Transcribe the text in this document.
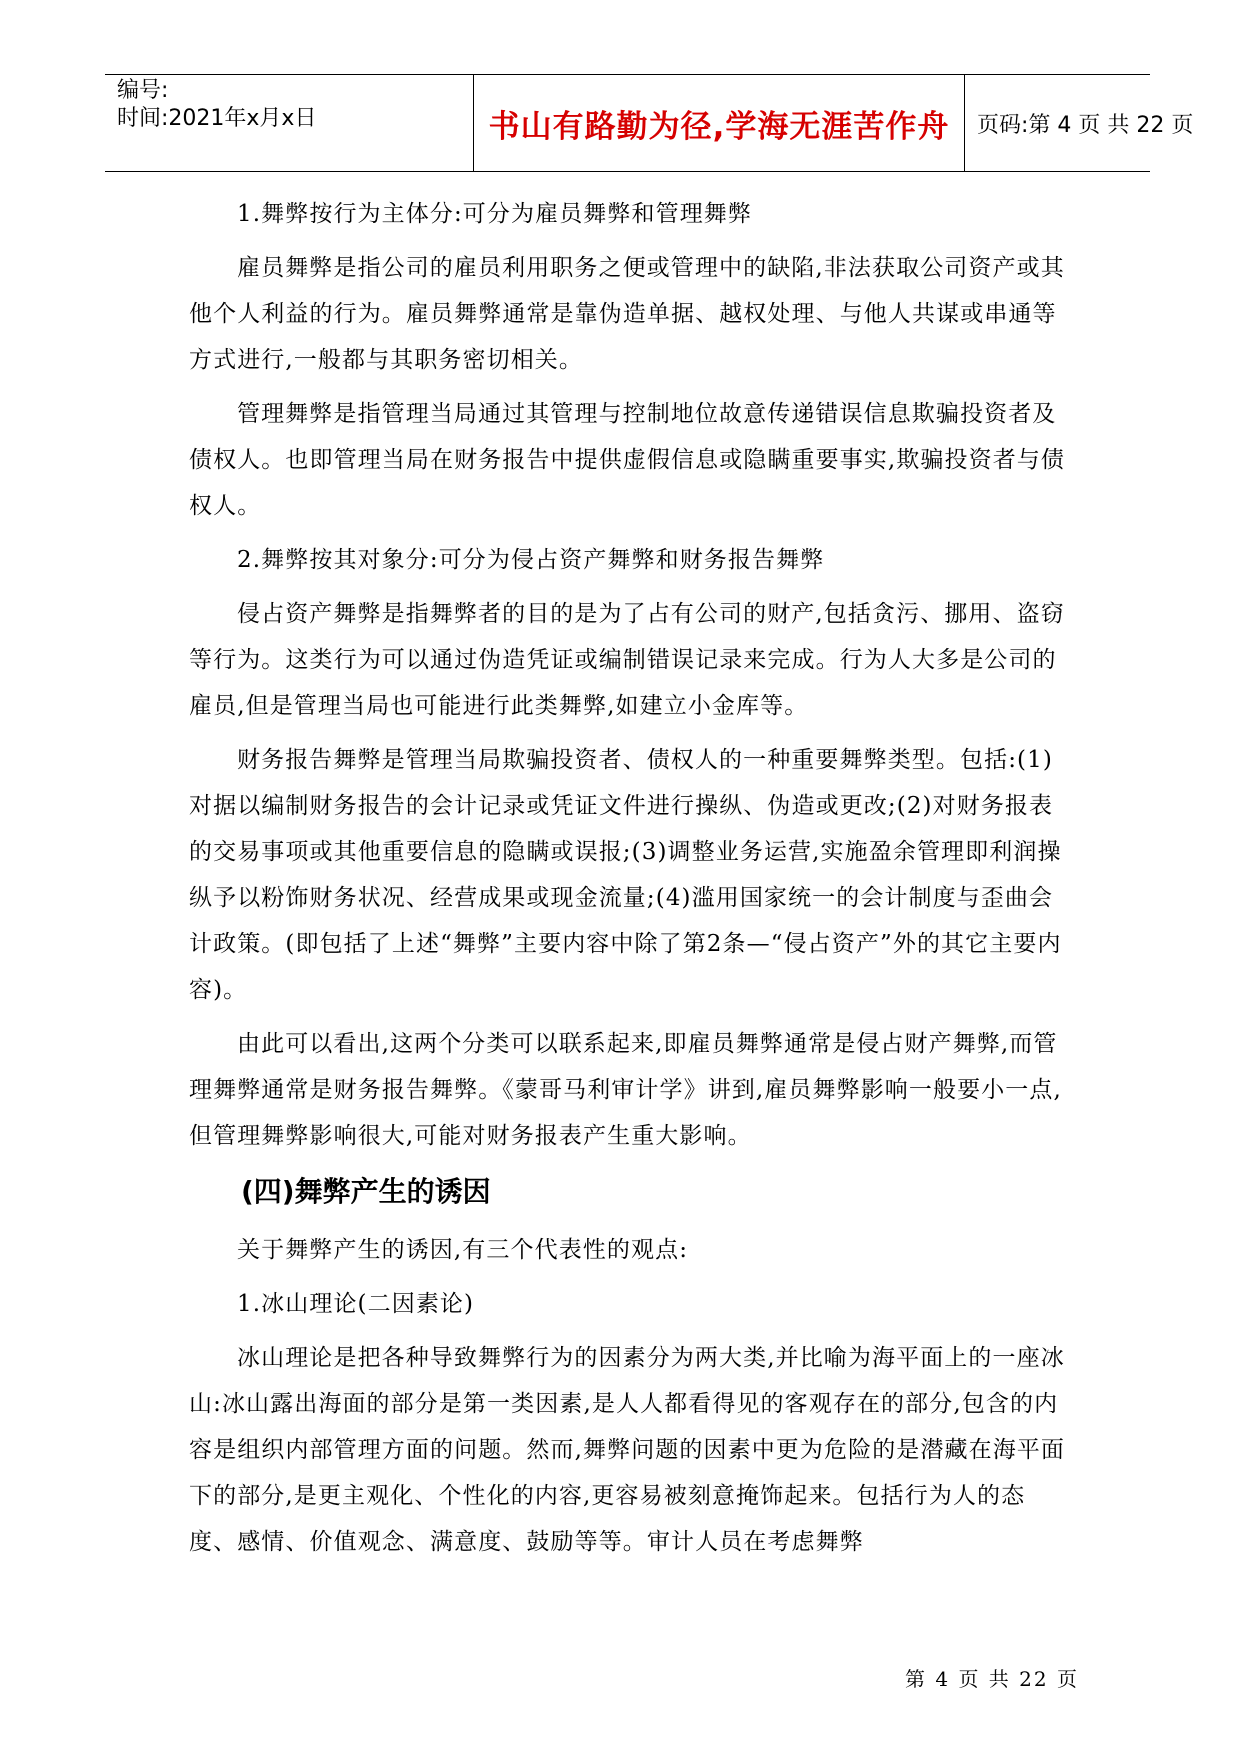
编号:
时间:2021年x月x日	书山有路勤为径,学海无涯苦作舟 页码:第 4 页 共 22 页

1.舞弊按行为主体分:可分为雇员舞弊和管理舞弊

雇员舞弊是指公司的雇员利用职务之便或管理中的缺陷,非法获取公司资产或其他个人利益的行为。雇员舞弊通常是靠伪造单据、越权处理、与他人共谋或串通等方式进行,一般都与其职务密切相关。

管理舞弊是指管理当局通过其管理与控制地位故意传递错误信息欺骗投资者及债权人。也即管理当局在财务报告中提供虚假信息或隐瞒重要事实,欺骗投资者与债权人。

2.舞弊按其对象分:可分为侵占资产舞弊和财务报告舞弊

侵占资产舞弊是指舞弊者的目的是为了占有公司的财产,包括贪污、挪用、盗窃等行为。这类行为可以通过伪造凭证或编制错误记录来完成。行为人大多是公司的雇员,但是管理当局也可能进行此类舞弊,如建立小金库等。

财务报告舞弊是管理当局欺骗投资者、债权人的一种重要舞弊类型。包括:(1)对据以编制财务报告的会计记录或凭证文件进行操纵、伪造或更改;(2)对财务报表的交易事项或其他重要信息的隐瞒或误报;(3)调整业务运营,实施盈余管理即利润操纵予以粉饰财务状况、经营成果或现金流量;(4)滥用国家统一的会计制度与歪曲会计政策。(即包括了上述“舞弊”主要内容中除了第2条—“侵占资产”外的其它主要内容)。

由此可以看出,这两个分类可以联系起来,即雇员舞弊通常是侵占财产舞弊,而管理舞弊通常是财务报告舞弊。《蒙哥马利审计学》讲到,雇员舞弊影响一般要小一点,但管理舞弊影响很大,可能对财务报表产生重大影响。

(四)舞弊产生的诱因

关于舞弊产生的诱因,有三个代表性的观点:

1.冰山理论(二因素论)

冰山理论是把各种导致舞弊行为的因素分为两大类,并比喻为海平面上的一座冰山:冰山露出海面的部分是第一类因素,是人人都看得见的客观存在的部分,包含的内容是组织内部管理方面的问题。然而,舞弊问题的因素中更为危险的是潜藏在海平面下的部分,是更主观化、个性化的内容,更容易被刻意掩饰起来。包括行为人的态度、感情、价值观念、满意度、鼓励等等。审计人员在考虑舞弊

第 4 页 共 22 页
